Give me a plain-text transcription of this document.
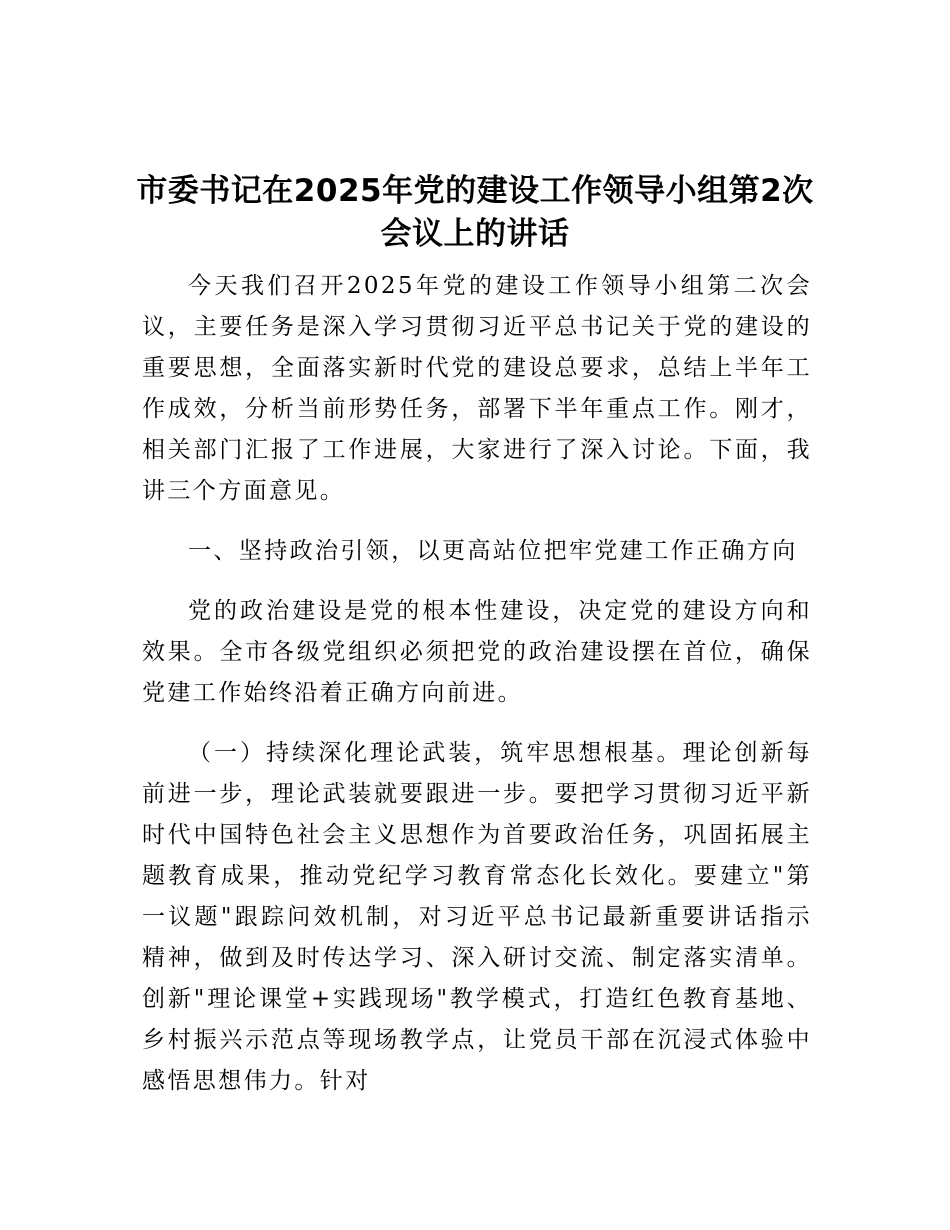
市委书记在2025年党的建设工作领导小组第2次会议上的讲话

今天我们召开2025年党的建设工作领导小组第二次会议，主要任务是深入学习贯彻习近平总书记关于党的建设的重要思想，全面落实新时代党的建设总要求，总结上半年工作成效，分析当前形势任务，部署下半年重点工作。刚才，相关部门汇报了工作进展，大家进行了深入讨论。下面，我讲三个方面意见。

一、坚持政治引领，以更高站位把牢党建工作正确方向

党的政治建设是党的根本性建设，决定党的建设方向和效果。全市各级党组织必须把党的政治建设摆在首位，确保党建工作始终沿着正确方向前进。

（一）持续深化理论武装，筑牢思想根基。理论创新每前进一步，理论武装就要跟进一步。要把学习贯彻习近平新时代中国特色社会主义思想作为首要政治任务，巩固拓展主题教育成果，推动党纪学习教育常态化长效化。要建立"第一议题"跟踪问效机制，对习近平总书记最新重要讲话指示精神，做到及时传达学习、深入研讨交流、制定落实清单。创新"理论课堂+实践现场"教学模式，打造红色教育基地、乡村振兴示范点等现场教学点，让党员干部在沉浸式体验中感悟思想伟力。针对
